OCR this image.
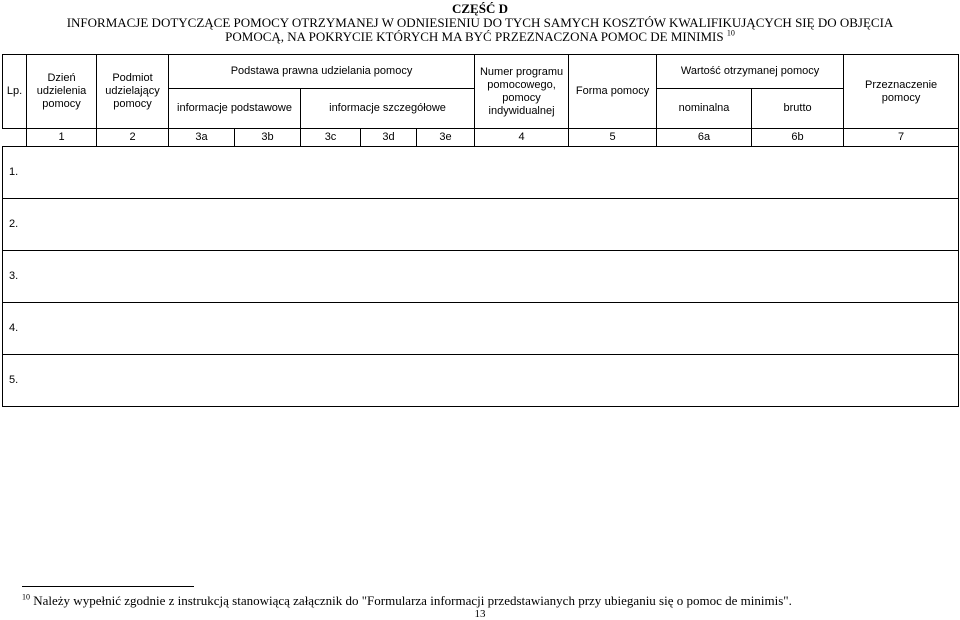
CZĘŚĆ D
INFORMACJE DOTYCZĄCE POMOCY OTRZYMANEJ W ODNIESIENIU DO TYCH SAMYCH KOSZTÓW KWALIFIKUJĄCYCH SIĘ DO OBJĘCIA
POMOCĄ, NA POKRYCIE KTÓRYCH MA BYĆ PRZEZNACZONA POMOC DE MINIMIS $^{10}$
Lp.	Dzień udzielenia pomocy	Podmiot udzielający pomocy	Podstawa prawna udzielania pomocy					Numer programu pomocowego, pomocy indywidualnej	Forma pomocy	Wartość otrzymanej pomocy		Przeznaczenie pomocy
			informacje podstawowe		informacje szczegółowe					nominalna	brutto	
	1	2	3a	3b	3c	3d	3e	4	5	6a	6b	7
1.												
2.												
3.												
4.												
5.												
$^{10}$ Należy wypełnić zgodnie z instrukcją stanowiącą załącznik do "Formularza informacji przedstawianych przy ubieganiu się o pomoc de minimis".
13
